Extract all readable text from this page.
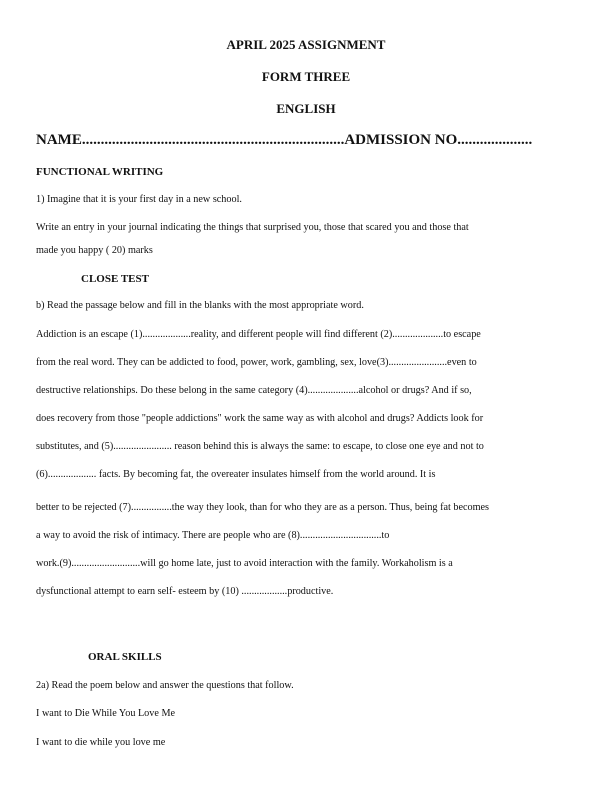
APRIL 2025 ASSIGNMENT
FORM THREE
ENGLISH
NAME......................................................................ADMISSION NO....................
FUNCTIONAL WRITING
1) Imagine that it is your first day in a new school.
Write an entry in your journal indicating the things that surprised you, those that scared you and those that
made you happy ( 20) marks
CLOSE TEST
b) Read the passage below and fill in the blanks with the most appropriate word.
Addiction is an escape (1)...................reality, and different people will find different (2)....................to escape
from the real word. They can be addicted to food, power, work, gambling, sex, love(3).......................even to
destructive relationships. Do these belong in the same category (4)....................alcohol or drugs? And if so,
does recovery from those "people addictions" work the same way as with alcohol and drugs? Addicts look for
substitutes, and (5)....................... reason behind this is always the same: to escape, to close one eye and not to
(6)................... facts. By becoming fat, the overeater insulates himself from the world around. It is
better to be rejected (7)................the way they look, than for who they are as a person. Thus, being fat becomes
a way to avoid the risk of intimacy. There are people who are (8)................................to
work.(9)...........................will go home late, just to avoid interaction with the family. Workaholism is a
dysfunctional attempt to earn self- esteem by (10) ..................productive.
ORAL SKILLS
2a) Read the poem below and answer the questions that follow.
I want to Die While You Love Me
I want to die while you love me
